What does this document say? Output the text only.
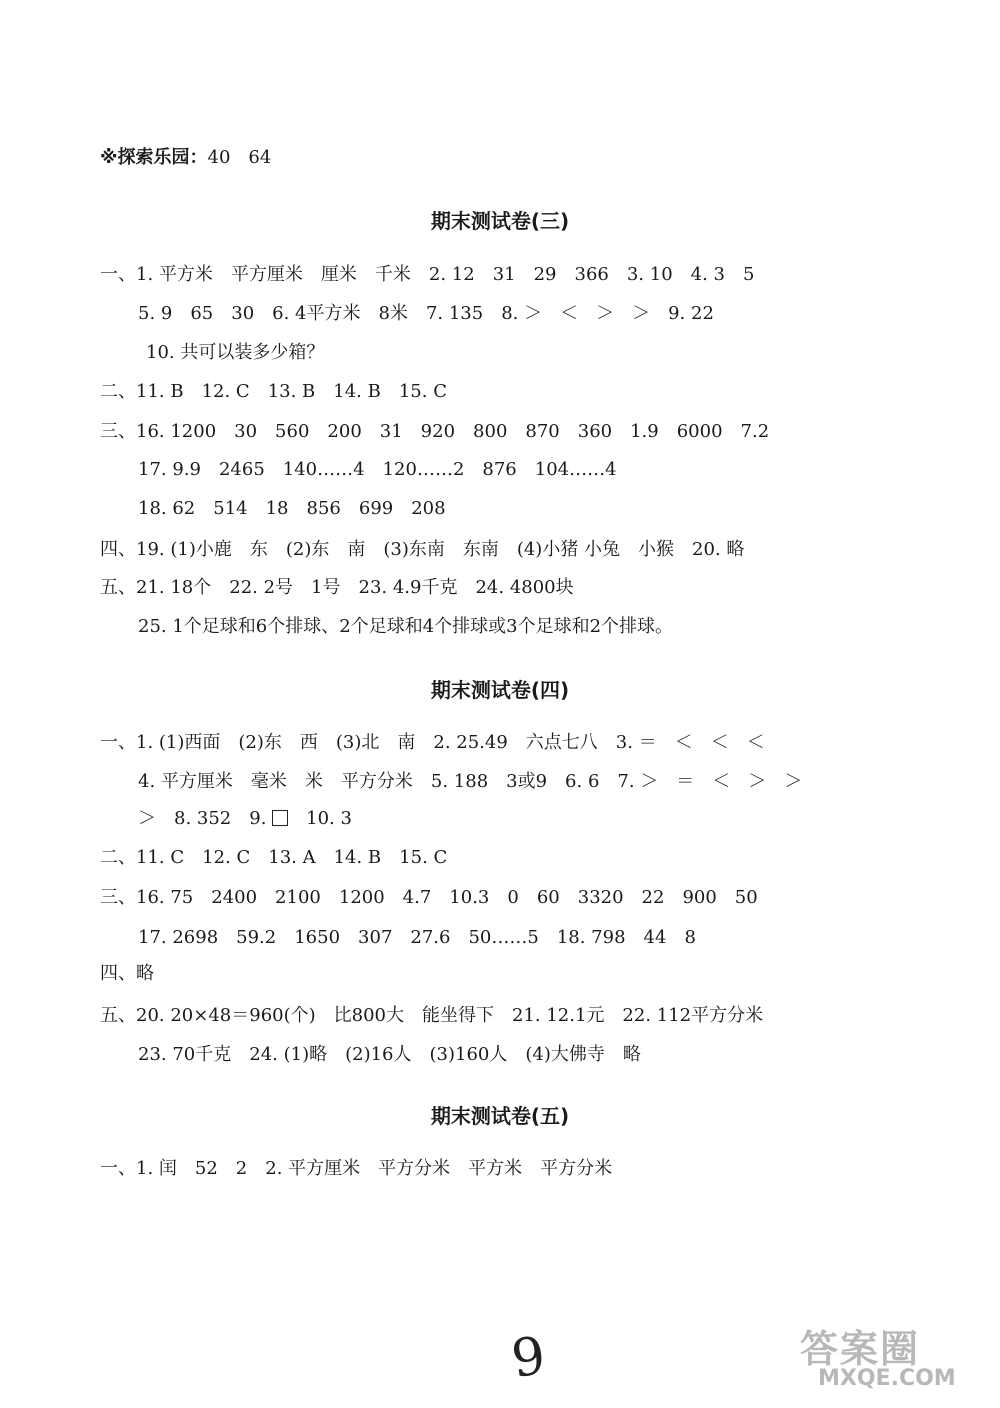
※探索乐园：40　64
期末测试卷(三)
一、1. 平方米　平方厘米　厘米　千米　2. 12　31　29　366　3. 10　4. 3　5
5. 9　65　30　6. 4平方米　8米　7. 135　8. ＞　＜　＞　＞　9. 22
10. 共可以装多少箱？
二、11. B　12. C　13. B　14. B　15. C
三、16. 1200　30　560　200　31　920　800　870　360　1.9　6000　7.2
17. 9.9　2465　140……4　120……2　876　104……4
18. 62　514　18　856　699　208
四、19. (1)小鹿　东　(2)东　南　(3)东南　东南　(4)小猪 小兔　小猴　20. 略
五、21. 18个　22. 2号　1号　23. 4.9千克　24. 4800块
25. 1个足球和6个排球、2个足球和4个排球或3个足球和2个排球。
期末测试卷(四)
一、1. (1)西面　(2)东　西　(3)北　南　2. 25.49　六点七八　3. ＝　＜　＜　＜
4. 平方厘米　毫米　米　平方分米　5. 188　3或9　6. 6　7. ＞　＝　＜　＞　＞
＞　8. 352　9. 　10. 3
二、11. C　12. C　13. A　14. B　15. C
三、16. 75　2400　2100　1200　4.7　10.3　0　60　3320　22　900　50
17. 2698　59.2　1650　307　27.6　50……5　18. 798　44　8
四、略
五、20. 20×48＝960(个)　比800大　能坐得下　21. 12.1元　22. 112平方分米
23. 70千克　24. (1)略　(2)16人　(3)160人　(4)大佛寺　略
期末测试卷(五)
一、1. 闰　52　2　2. 平方厘米　平方分米　平方米　平方分米
9	答案圈
MXQE.COM
